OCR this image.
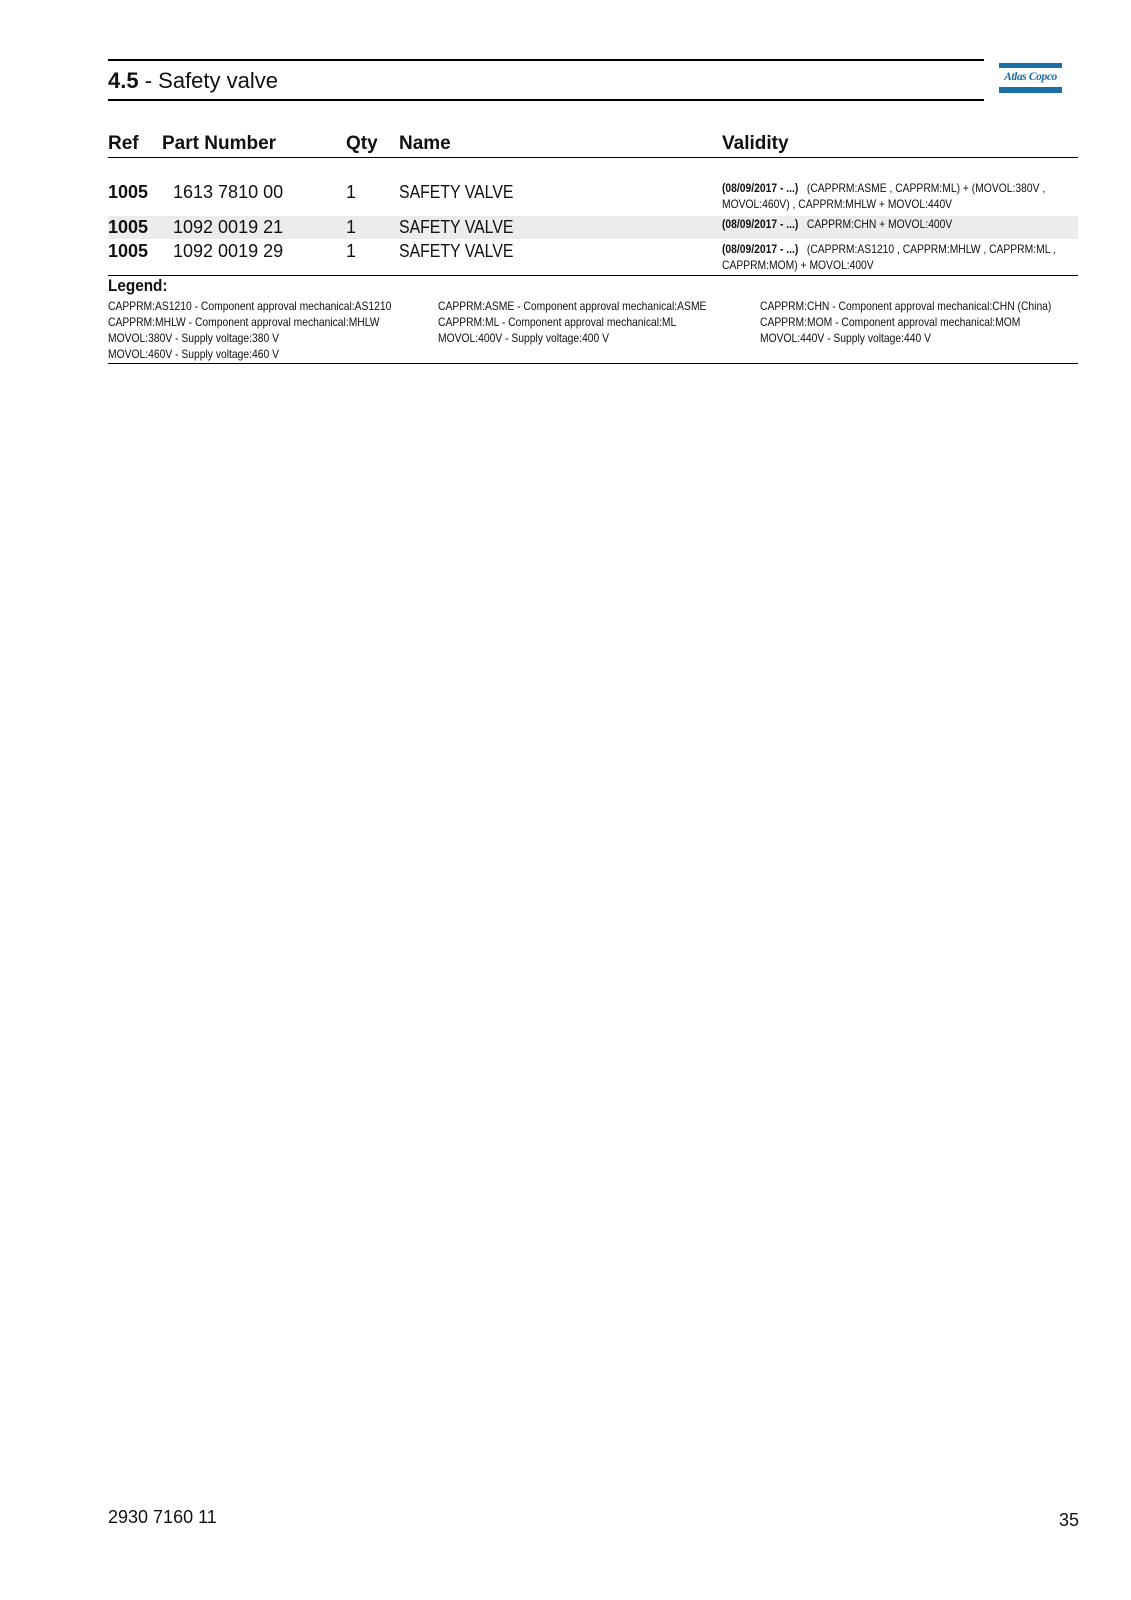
4.5 - Safety valve	Atlas Copco
Ref Part Number	Qty Name	Validity
1005 1613 7810 00	1 SAFETY VALVE	(08/09/2017 - ...) (CAPPRM:ASME , CAPPRM:ML) + (MOVOL:380V , MOVOL:460V) , CAPPRM:MHLW + MOVOL:440V
1005 1092 0019 21	1 SAFETY VALVE	(08/09/2017 - ...) CAPPRM:CHN + MOVOL:400V
1005 1092 0019 29	1 SAFETY VALVE	(08/09/2017 - ...) (CAPPRM:AS1210 , CAPPRM:MHLW , CAPPRM:ML , CAPPRM:MOM) + MOVOL:400V
Legend:
CAPPRM:AS1210 - Component approval mechanical:AS1210	CAPPRM:ASME - Component approval mechanical:ASME	CAPPRM:CHN - Component approval mechanical:CHN (China)
CAPPRM:MHLW - Component approval mechanical:MHLW	CAPPRM:ML - Component approval mechanical:ML	CAPPRM:MOM - Component approval mechanical:MOM
MOVOL:380V - Supply voltage:380 V	MOVOL:400V - Supply voltage:400 V	MOVOL:440V - Supply voltage:440 V
MOVOL:460V - Supply voltage:460 V
2930 7160 11	35
